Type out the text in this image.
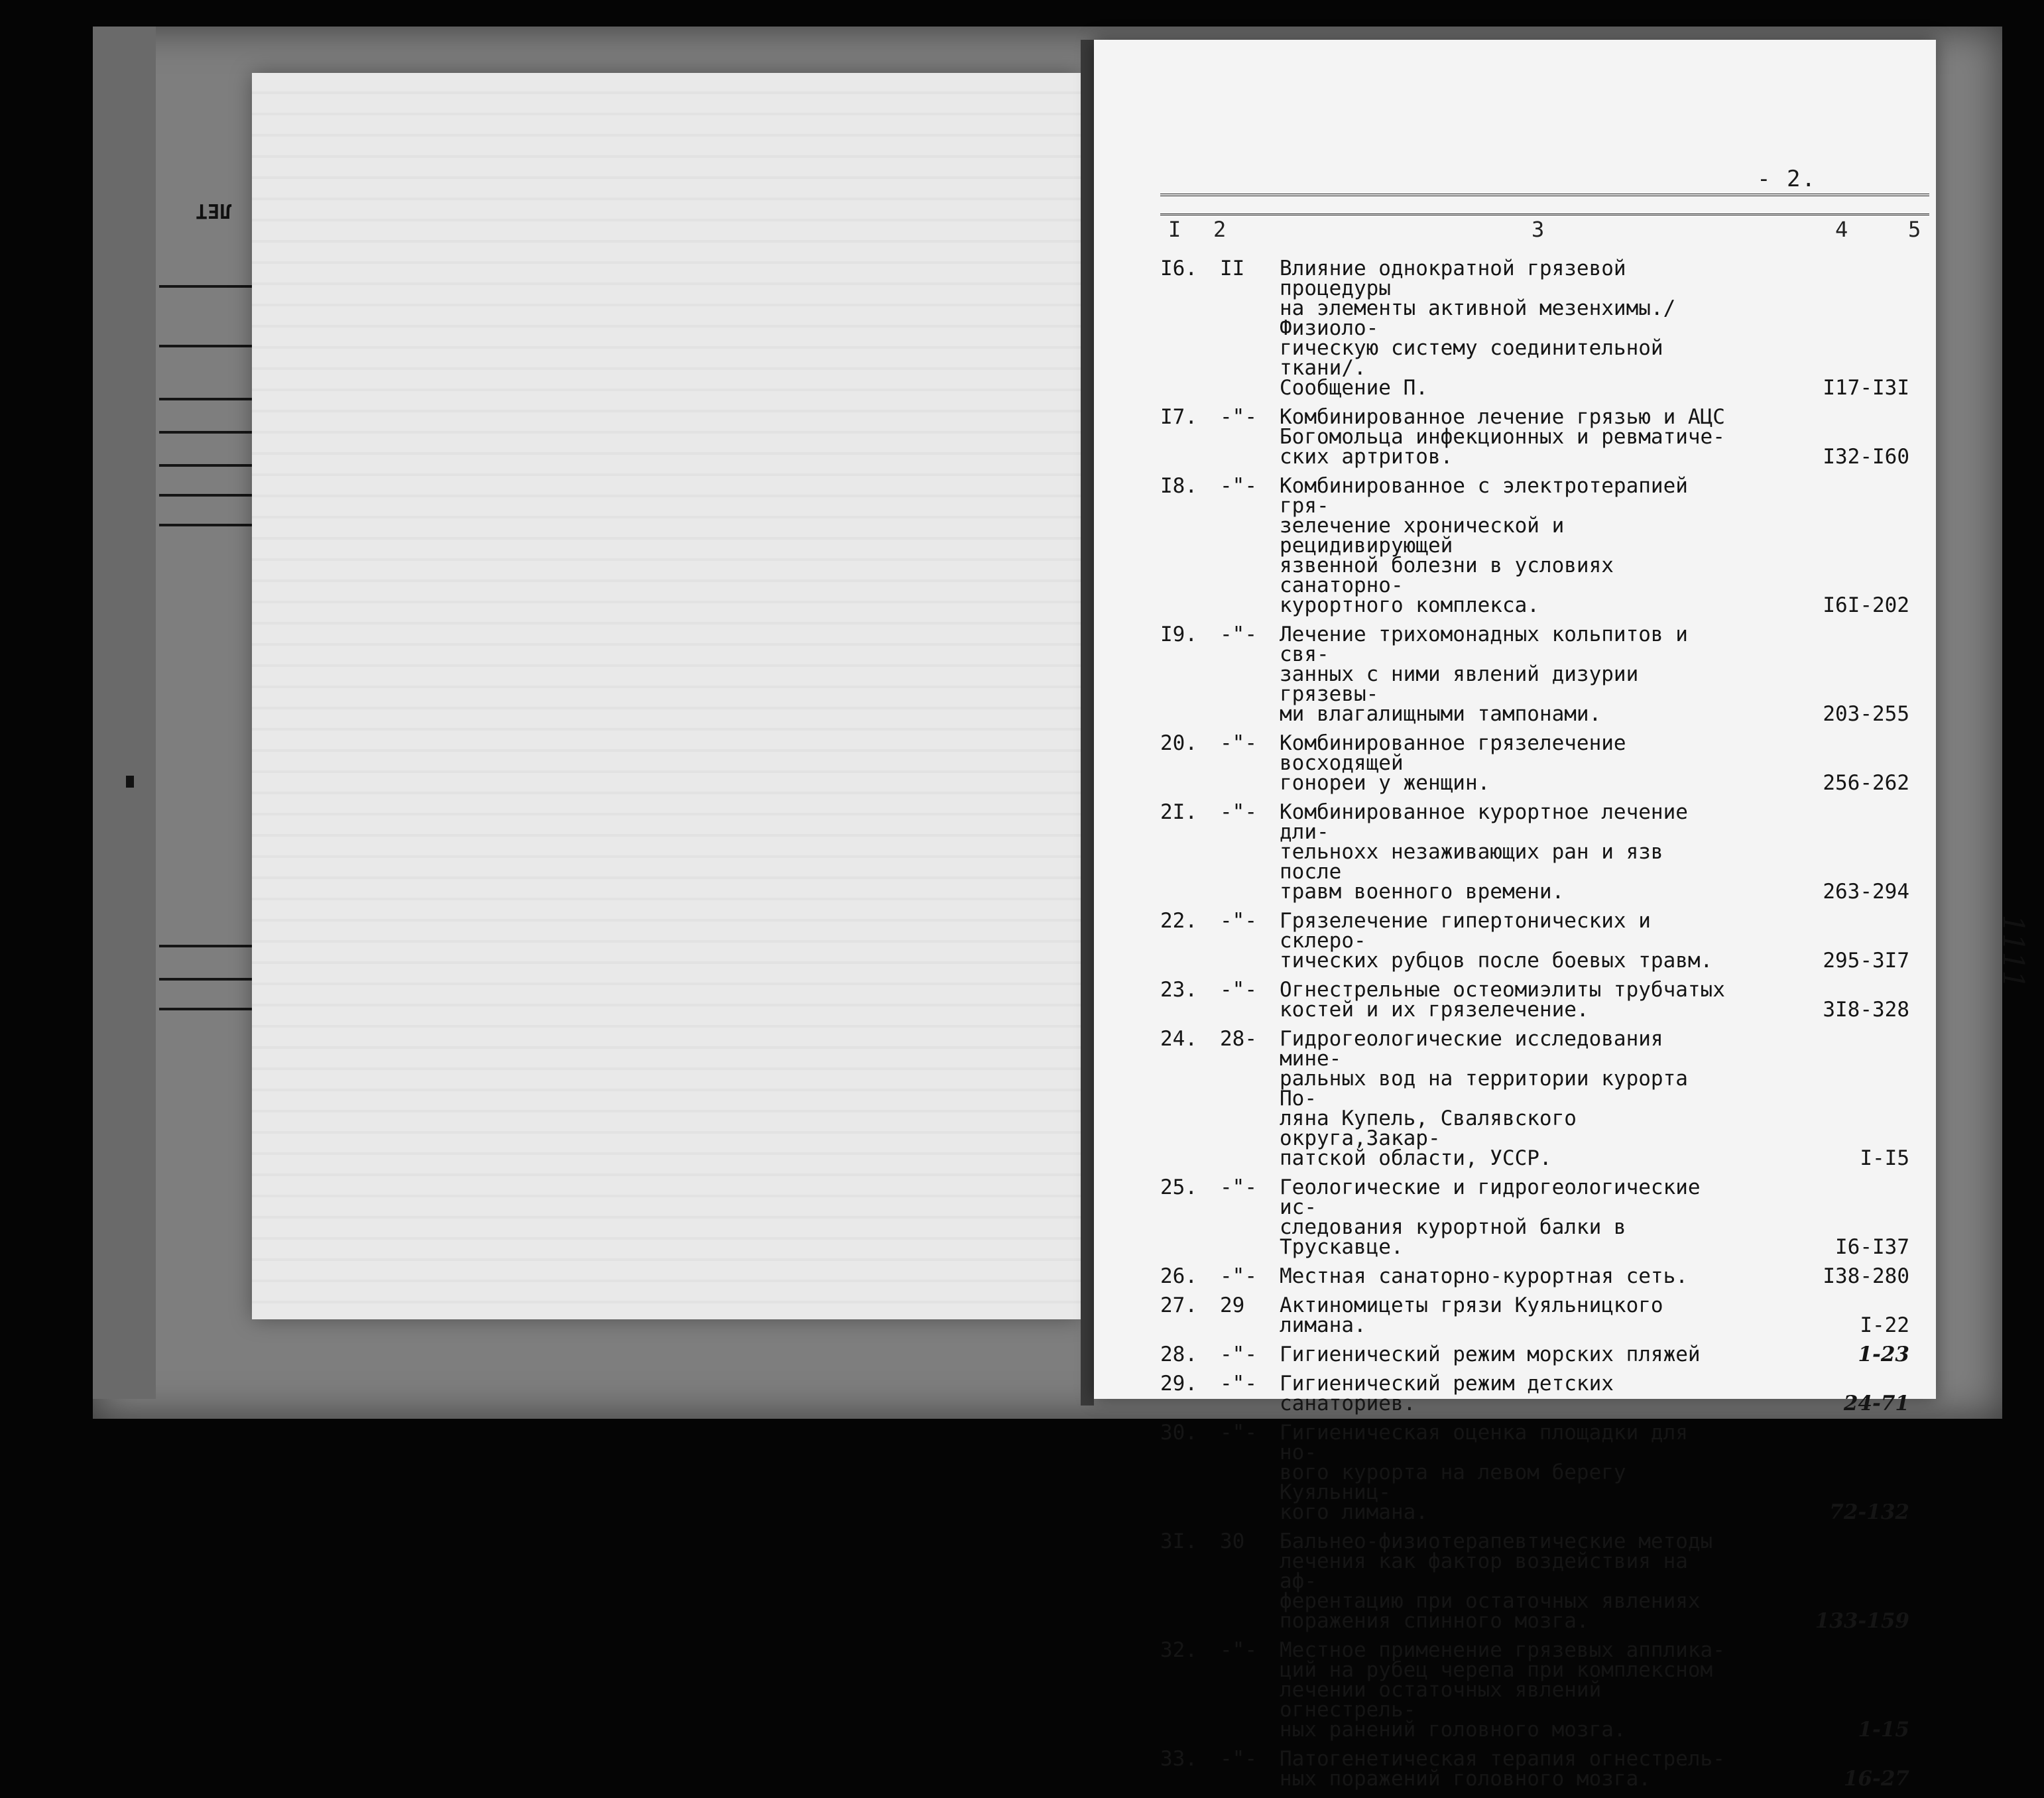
ЛЕТ
- 2.
I 2	3	4	5
I6.	II	Влияние однократной грязевой процедуры
на элементы активной мезенхимы./Физиоло-
гическую систему соединительной ткани/.
Сообщение П.	I17-I3I
I7.	-"-	Комбинированное лечение грязью и АЦС
Богомольца инфекционных и ревматиче-
ских артритов.	I32-I60
I8.	-"-	Комбинированное с электротерапией гря-
зелечение хронической и рецидивирующей
язвенной болезни в условиях санаторно-
курортного комплекса.	I6I-202
I9.	-"-	Лечение трихомонадных кольпитов и свя-
занных с ними явлений дизурии грязевы-
ми влагалищными тампонами.	203-255
20.	-"-	Комбинированное грязелечение восходящей
гонореи у женщин.	256-262
2I.	-"-	Комбинированное курортное лечение дли-
тельнохх незаживающих ран и язв после
травм военного времени.	263-294
22.	-"-	Грязелечение гипертонических и склеро-
тических рубцов после боевых травм.	295-3I7
23.	-"-	Огнестрельные остеомиэлиты трубчатых
костей и их грязелечение.	3I8-328
24.	28-	Гидрогеологические исследования мине-
ральных вод на территории курорта По-
ляна Купель, Свалявского округа,Закар-
патской области, УССР.	I-I5
25.	-"-	Геологические и гидрогеологические ис-
следования курортной балки в Трускавце.	I6-I37
26.	-"-	Местная санаторно-курортная сеть.	I38-280
27.	29	Актиномицеты грязи Куяльницкого лимана.	I-22
28.	-"-	Гигиенический режим морских пляжей	1-23
29.	-"-	Гигиенический режим детских
санаториев.	24-71
30.	-"-	Гигиеническая оценка площадки для но-
вого курорта на левом берегу Куяльниц-
кого лимана.	72-132
3I.	30	Бальнео-физиотерапевтические методы
лечения как фактор воздействия на аф-
ферентацию при остаточных явлениях
поражения спинного мозга.	133-159
32.	-"-	Местное применение грязевых апплика-
ций на рубец черепа при комплексном
лечении остаточных явлений огнестрель-
ных ранений головного мозга.	1-15
33.	-"-	Патогенетическая терапия огнестрель-
ных поражений головного мозга.	16-27
1111
